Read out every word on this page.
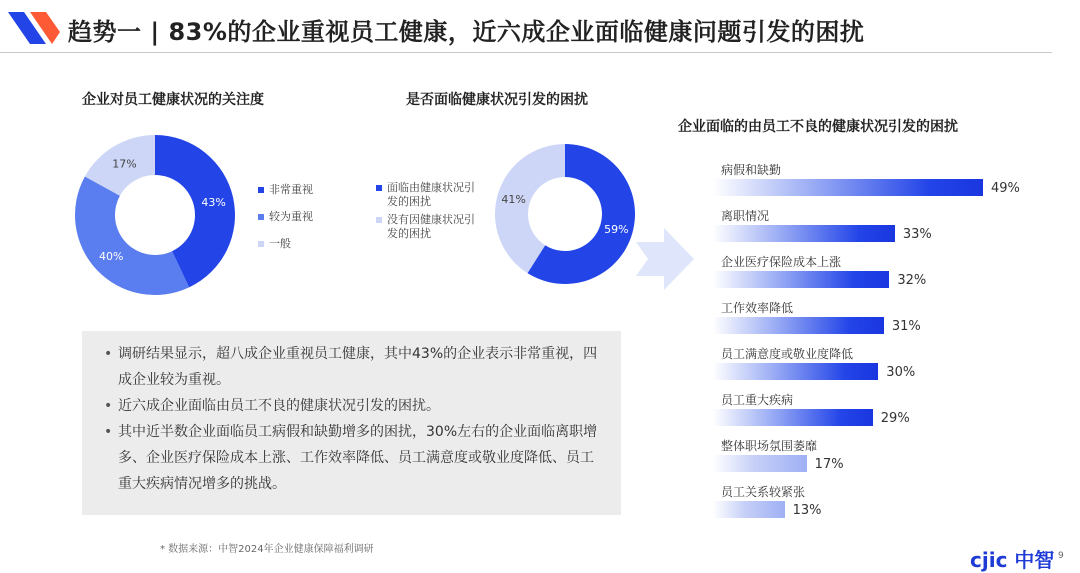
趋势一 | 83%的企业重视员工健康，近六成企业面临健康问题引发的困扰
企业对员工健康状况的关注度
43%
40%
17%
非常重视
较为重视
一般
是否面临健康状况引发的困扰
面临由健康状况引发的困扰
没有因健康状况引发的困扰	59%
41%
企业面临的由员工不良的健康状况引发的困扰
病假和缺勤
49%
离职情况
33%
企业医疗保险成本上涨
32%
工作效率降低
31%
员工满意度或敬业度降低
30%
员工重大疾病
29%
整体职场氛围萎靡
17%
员工关系较紧张
13%
• 调研结果显示，超八成企业重视员工健康，其中43%的企业表示非常重视，四成企业较为重视。
• 近六成企业面临由员工不良的健康状况引发的困扰。
• 其中近半数企业面临员工病假和缺勤增多的困扰，30%左右的企业面临离职增多、企业医疗保险成本上涨、工作效率降低、员工满意度或敬业度降低、员工重大疾病情况增多的挑战。
* 数据来源：中智2024年企业健康保障福利调研	cjic 中智 9
